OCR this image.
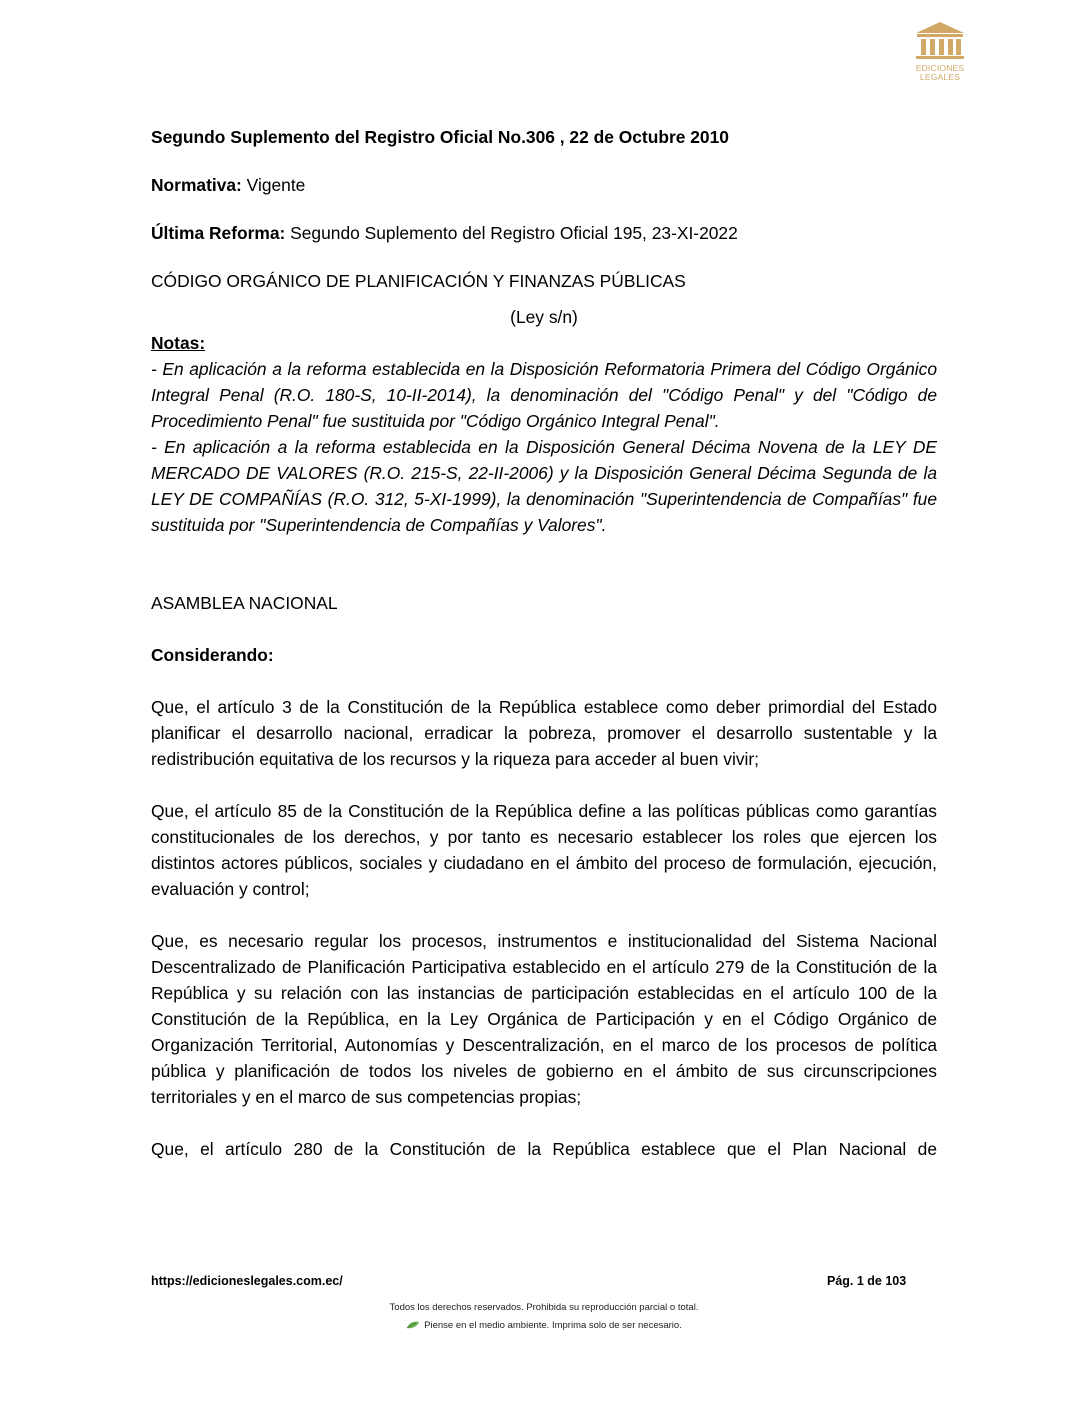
EDICIONES
LEGALES

Segundo Suplemento del Registro Oficial No.306 , 22 de Octubre 2010

Normativa: Vigente

Última Reforma: Segundo Suplemento del Registro Oficial 195, 23-XI-2022

CÓDIGO ORGÁNICO DE PLANIFICACIÓN Y FINANZAS PÚBLICAS

(Ley s/n)

Notas:

- En aplicación a la reforma establecida en la Disposición Reformatoria Primera del Código Orgánico Integral Penal (R.O. 180-S, 10-II-2014), la denominación del "Código Penal" y del "Código de Procedimiento Penal" fue sustituida por "Código Orgánico Integral Penal".

- En aplicación a la reforma establecida en la Disposición General Décima Novena de la LEY DE MERCADO DE VALORES (R.O. 215-S, 22-II-2006) y la Disposición General Décima Segunda de la LEY DE COMPAÑÍAS (R.O. 312, 5-XI-1999), la denominación "Superintendencia de Compañías" fue sustituida por "Superintendencia de Compañías y Valores".

ASAMBLEA NACIONAL

Considerando:

Que, el artículo 3 de la Constitución de la República establece como deber primordial del Estado planificar el desarrollo nacional, erradicar la pobreza, promover el desarrollo sustentable y la redistribución equitativa de los recursos y la riqueza para acceder al buen vivir;

Que, el artículo 85 de la Constitución de la República define a las políticas públicas como garantías constitucionales de los derechos, y por tanto es necesario establecer los roles que ejercen los distintos actores públicos, sociales y ciudadano en el ámbito del proceso de formulación, ejecución, evaluación y control;

Que, es necesario regular los procesos, instrumentos e institucionalidad del Sistema Nacional Descentralizado de Planificación Participativa establecido en el artículo 279 de la Constitución de la República y su relación con las instancias de participación establecidas en el artículo 100 de la Constitución de la República, en la Ley Orgánica de Participación y en el Código Orgánico de Organización Territorial, Autonomías y Descentralización, en el marco de los procesos de política pública y planificación de todos los niveles de gobierno en el ámbito de sus circunscripciones territoriales y en el marco de sus competencias propias;

Que, el artículo 280 de la Constitución de la República establece que el Plan Nacional de

https://edicioneslegales.com.ec/	Pág. 1 de 103
Todos los derechos reservados. Prohibida su reproducción parcial o total.
Piense en el medio ambiente. Imprima solo de ser necesario.
